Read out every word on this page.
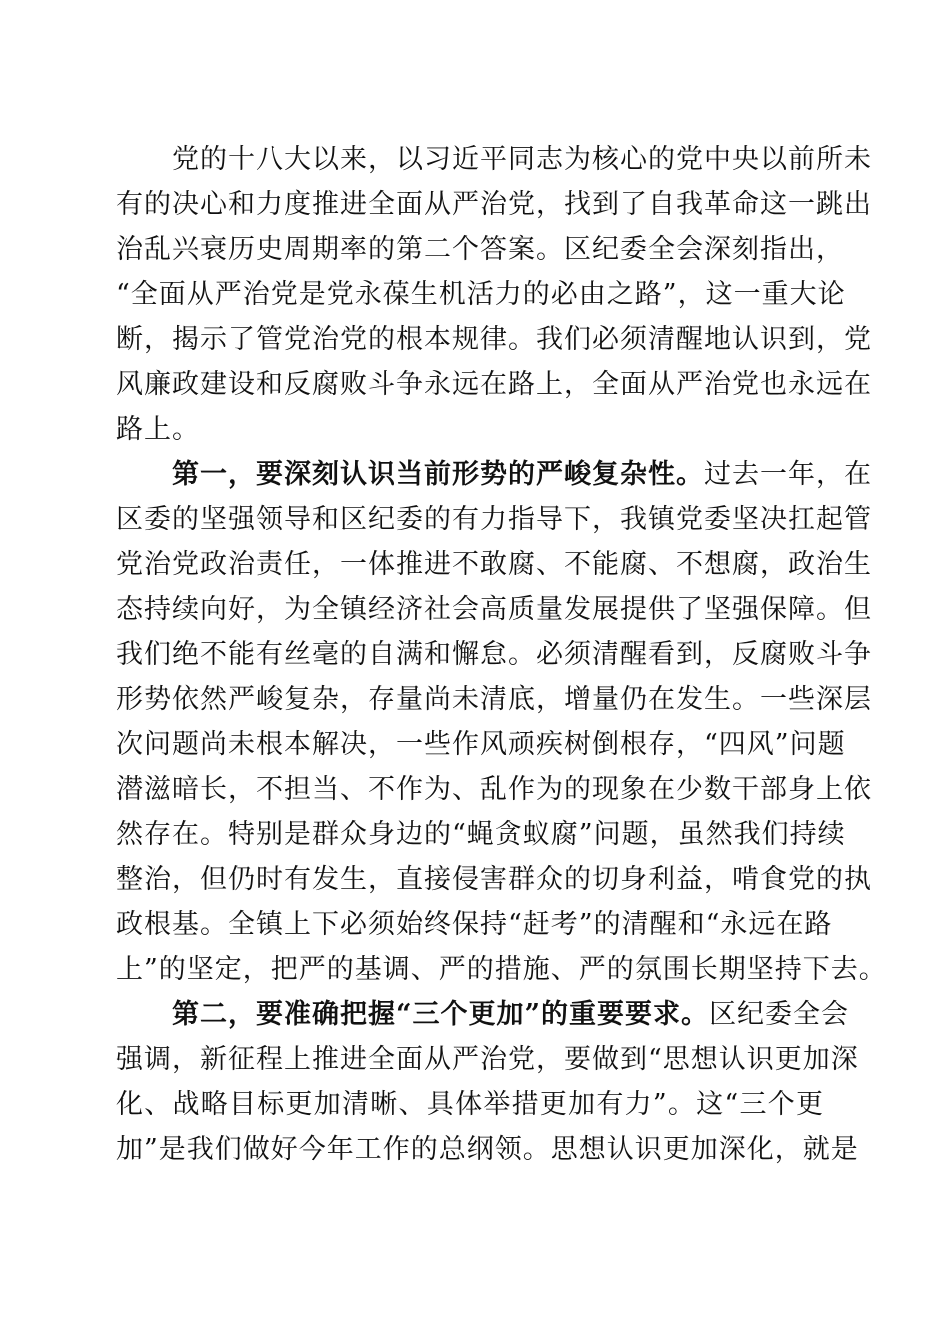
党的十八大以来，以习近平同志为核心的党中央以前所未
有的决心和力度推进全面从严治党，找到了自我革命这一跳出
治乱兴衰历史周期率的第二个答案。区纪委全会深刻指出，
“全面从严治党是党永葆生机活力的必由之路”，这一重大论
断，揭示了管党治党的根本规律。我们必须清醒地认识到，党
风廉政建设和反腐败斗争永远在路上，全面从严治党也永远在
路上。
第一，要深刻认识当前形势的严峻复杂性。过去一年，在
区委的坚强领导和区纪委的有力指导下，我镇党委坚决扛起管
党治党政治责任，一体推进不敢腐、不能腐、不想腐，政治生
态持续向好，为全镇经济社会高质量发展提供了坚强保障。但
我们绝不能有丝毫的自满和懈怠。必须清醒看到，反腐败斗争
形势依然严峻复杂，存量尚未清底，增量仍在发生。一些深层
次问题尚未根本解决，一些作风顽疾树倒根存，“四风”问题
潜滋暗长，不担当、不作为、乱作为的现象在少数干部身上依
然存在。特别是群众身边的“蝇贪蚁腐”问题，虽然我们持续
整治，但仍时有发生，直接侵害群众的切身利益，啃食党的执
政根基。全镇上下必须始终保持“赶考”的清醒和“永远在路
上”的坚定，把严的基调、严的措施、严的氛围长期坚持下去。
第二，要准确把握“三个更加”的重要要求。区纪委全会
强调，新征程上推进全面从严治党，要做到“思想认识更加深
化、战略目标更加清晰、具体举措更加有力”。这“三个更
加”是我们做好今年工作的总纲领。思想认识更加深化，就是
